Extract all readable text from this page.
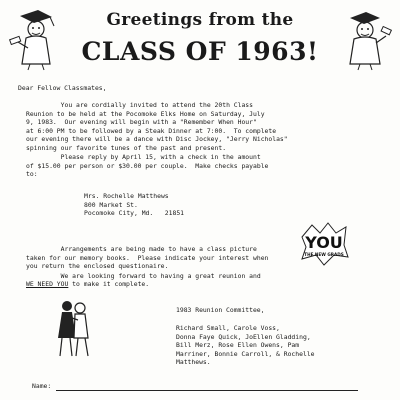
Greetings from the
CLASS OF 1963!
Dear Fellow Classmates,
You are cordially invited to attend the 20th Class
Reunion to be held at the Pocomoke Elks Home on Saturday, July
9, 1983.  Our evening will begin with a "Remember When Hour"
at 6:00 PM to be followed by a Steak Dinner at 7:00.  To complete
our evening there will be a dance with Disc Jockey, "Jerry Nicholas"
spinning our favorite tunes of the past and present.
Please reply by April 15, with a check in the amount
of $15.00 per person or $30.00 per couple.  Make checks payable
to:
Mrs. Rochelle Matthews
800 Market St.
Pocomoke City, Md.   21851
YOU
THE NEW GRADS
Arrangements are being made to have a class picture
taken for our memory books.  Please indicate your interest when
you return the enclosed questionaire.
We are looking forward to having a great reunion and
WE NEED YOU to make it complete.
1983 Reunion Committee,
Richard Small, Carole Voss,
Donna Faye Quick, JoEllen Gladding,
Bill Merz, Rose Ellen Owens, Pam
Marriner, Bonnie Carroll, & Rochelle
Matthews.
Name:
